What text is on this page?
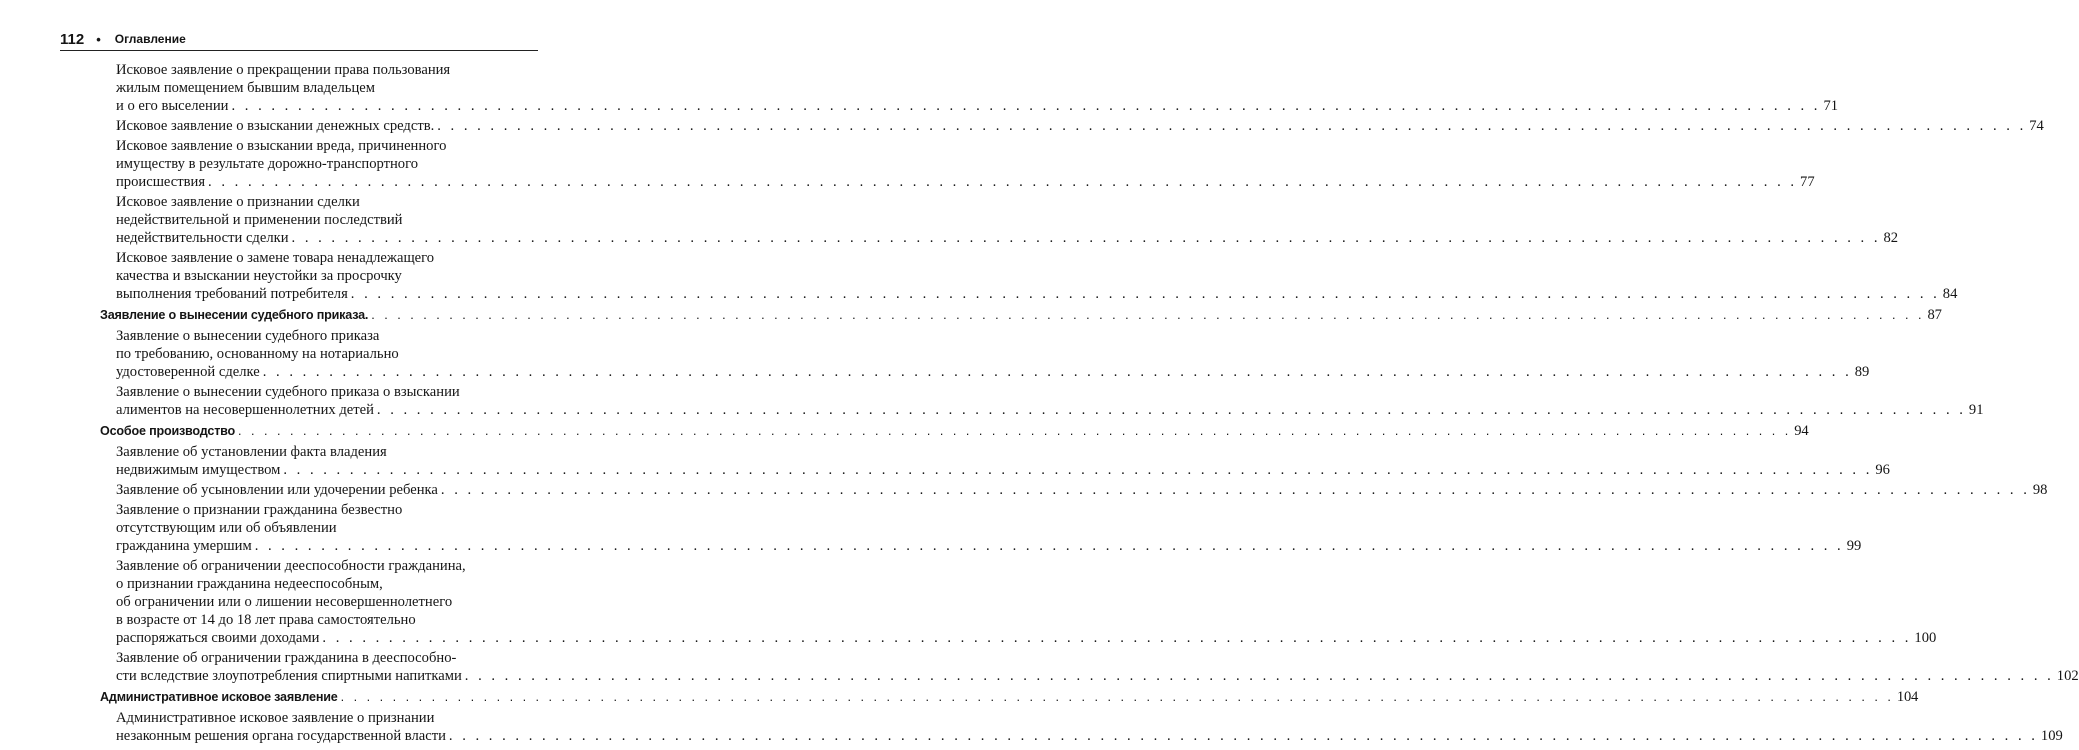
112 • Оглавление
Исковое заявление о прекращении права пользования
жилым помещением бывшим владельцем
и о его выселении . . . . . . . . . . . . . . . . . . . . . . . . . . . . . . . . . . . . . . . . . . . . . . . . . . . . . . . . . . . . . . . . . . . . . . . . . . . . . . . . . . . . . . . . . . . . . . . . . . . . . . . . . . . . . . . . . . . . . . . . 71
Исковое заявление о взыскании денежных средств. . . . . . . . . . . . . . . . . . . . . . . . . . . . . . . . . . . . . . . . . . . . . . . . . . . . . . . . . . . . . . . . . . . . . . . . . . . . . . . . . . . . . . . . . . . . . . . . . . . . . . . . . . . . . . . . . . . . . . . . . 74
Исковое заявление о взыскании вреда, причиненного
имуществу в результате дорожно-транспортного
происшествия . . . . . . . . . . . . . . . . . . . . . . . . . . . . . . . . . . . . . . . . . . . . . . . . . . . . . . . . . . . . . . . . . . . . . . . . . . . . . . . . . . . . . . . . . . . . . . . . . . . . . . . . . . . . . . . . . . . . . . . . 77
Исковое заявление о признании сделки
недействительной и применении последствий
недействительности сделки . . . . . . . . . . . . . . . . . . . . . . . . . . . . . . . . . . . . . . . . . . . . . . . . . . . . . . . . . . . . . . . . . . . . . . . . . . . . . . . . . . . . . . . . . . . . . . . . . . . . . . . . . . . . . . . . . . . . . . . . 82
Исковое заявление о замене товара ненадлежащего
качества и взыскании неустойки за просрочку
выполнения требований потребителя . . . . . . . . . . . . . . . . . . . . . . . . . . . . . . . . . . . . . . . . . . . . . . . . . . . . . . . . . . . . . . . . . . . . . . . . . . . . . . . . . . . . . . . . . . . . . . . . . . . . . . . . . . . . . . . . . . . . . . . . 84
Заявление о вынесении судебного приказа. . . . . . . . . . . . . . . . . . . . . . . . . . . . . . . . . . . . . . . . . . . . . . . . . . . . . . . . . . . . . . . . . . . . . . . . . . . . . . . . . . . . . . . . . . . . . . . . . . . . . . . . . . . . . . . . . . . . . . . . . 87
Заявление о вынесении судебного приказа
по требованию, основанному на нотариально
удостоверенной сделке . . . . . . . . . . . . . . . . . . . . . . . . . . . . . . . . . . . . . . . . . . . . . . . . . . . . . . . . . . . . . . . . . . . . . . . . . . . . . . . . . . . . . . . . . . . . . . . . . . . . . . . . . . . . . . . . . . . . . . . . 89
Заявление о вынесении судебного приказа о взыскании
алиментов на несовершеннолетних детей . . . . . . . . . . . . . . . . . . . . . . . . . . . . . . . . . . . . . . . . . . . . . . . . . . . . . . . . . . . . . . . . . . . . . . . . . . . . . . . . . . . . . . . . . . . . . . . . . . . . . . . . . . . . . . . . . . . . . . . . 91
Особое производство . . . . . . . . . . . . . . . . . . . . . . . . . . . . . . . . . . . . . . . . . . . . . . . . . . . . . . . . . . . . . . . . . . . . . . . . . . . . . . . . . . . . . . . . . . . . . . . . . . . . . . . . . . . . . . . . . . . . . . . . 94
Заявление об установлении факта владения
недвижимым имуществом . . . . . . . . . . . . . . . . . . . . . . . . . . . . . . . . . . . . . . . . . . . . . . . . . . . . . . . . . . . . . . . . . . . . . . . . . . . . . . . . . . . . . . . . . . . . . . . . . . . . . . . . . . . . . . . . . . . . . . . . 96
Заявление об усыновлении или удочерении ребенка . . . . . . . . . . . . . . . . . . . . . . . . . . . . . . . . . . . . . . . . . . . . . . . . . . . . . . . . . . . . . . . . . . . . . . . . . . . . . . . . . . . . . . . . . . . . . . . . . . . . . . . . . . . . . . . . . . . . . . . . 98
Заявление о признании гражданина безвестно
отсутствующим или об объявлении
гражданина умершим . . . . . . . . . . . . . . . . . . . . . . . . . . . . . . . . . . . . . . . . . . . . . . . . . . . . . . . . . . . . . . . . . . . . . . . . . . . . . . . . . . . . . . . . . . . . . . . . . . . . . . . . . . . . . . . . . . . . . . . . 99
Заявление об ограничении дееспособности гражданина,
о признании гражданина недееспособным,
об ограничении или о лишении несовершеннолетнего
в возрасте от 14 до 18 лет права самостоятельно
распоряжаться своими доходами . . . . . . . . . . . . . . . . . . . . . . . . . . . . . . . . . . . . . . . . . . . . . . . . . . . . . . . . . . . . . . . . . . . . . . . . . . . . . . . . . . . . . . . . . . . . . . . . . . . . . . . . . . . . . . . . . . . . . . . . 100
Заявление об ограничении гражданина в дееспособно-
сти вследствие злоупотребления спиртными напитками . . . . . . . . . . . . . . . . . . . . . . . . . . . . . . . . . . . . . . . . . . . . . . . . . . . . . . . . . . . . . . . . . . . . . . . . . . . . . . . . . . . . . . . . . . . . . . . . . . . . . . . . . . . . . . . . . . . . . . . . 102
Административное исковое заявление . . . . . . . . . . . . . . . . . . . . . . . . . . . . . . . . . . . . . . . . . . . . . . . . . . . . . . . . . . . . . . . . . . . . . . . . . . . . . . . . . . . . . . . . . . . . . . . . . . . . . . . . . . . . . . . . . . . . . . . . 104
Административное исковое заявление о признании
незаконным решения органа государственной власти . . . . . . . . . . . . . . . . . . . . . . . . . . . . . . . . . . . . . . . . . . . . . . . . . . . . . . . . . . . . . . . . . . . . . . . . . . . . . . . . . . . . . . . . . . . . . . . . . . . . . . . . . . . . . . . . . . . . . . . . 109
